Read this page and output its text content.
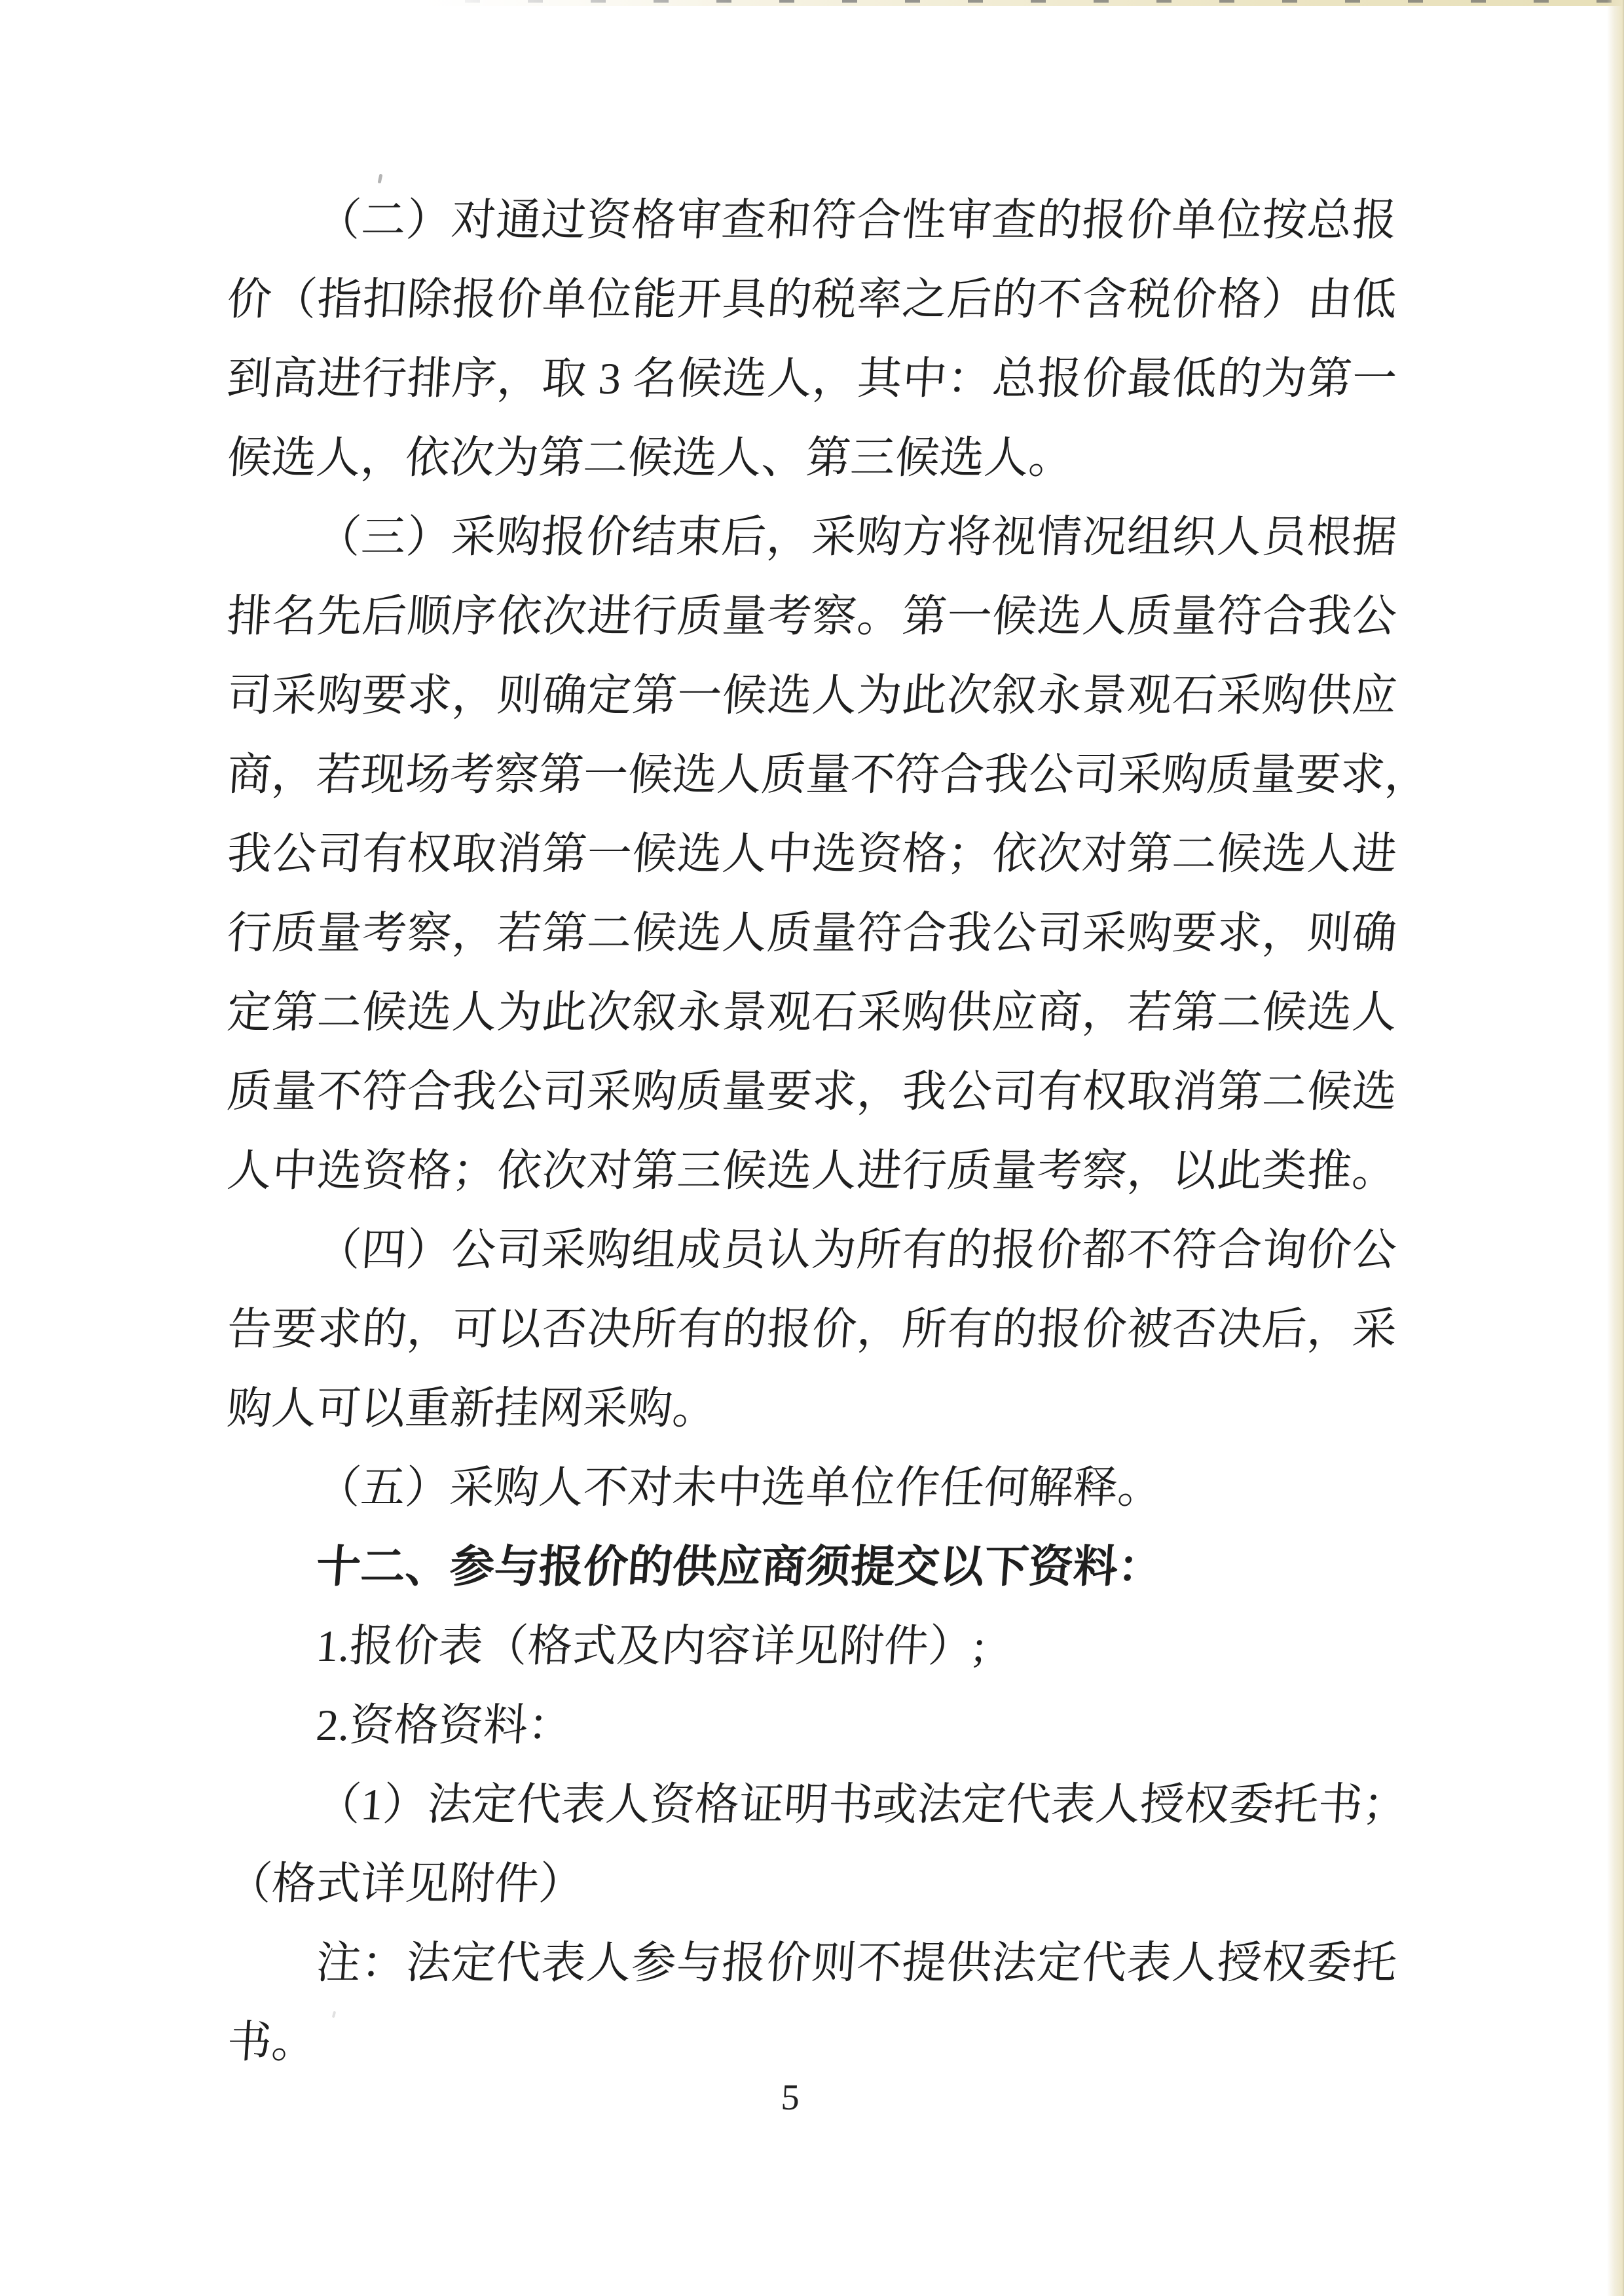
（二）对通过资格审查和符合性审查的报价单位按总报
价（指扣除报价单位能开具的税率之后的不含税价格）由低
到高进行排序，取 3 名候选人，其中：总报价最低的为第一
候选人，依次为第二候选人、第三候选人。
（三）采购报价结束后，采购方将视情况组织人员根据
排名先后顺序依次进行质量考察。第一候选人质量符合我公
司采购要求，则确定第一候选人为此次叙永景观石采购供应
商，若现场考察第一候选人质量不符合我公司采购质量要求，
我公司有权取消第一候选人中选资格；依次对第二候选人进
行质量考察，若第二候选人质量符合我公司采购要求，则确
定第二候选人为此次叙永景观石采购供应商，若第二候选人
质量不符合我公司采购质量要求，我公司有权取消第二候选
人中选资格；依次对第三候选人进行质量考察，以此类推。
（四）公司采购组成员认为所有的报价都不符合询价公
告要求的，可以否决所有的报价，所有的报价被否决后，采
购人可以重新挂网采购。
（五）采购人不对未中选单位作任何解释。
十二、参与报价的供应商须提交以下资料：
1.报价表（格式及内容详见附件）;
2.资格资料：
（1）法定代表人资格证明书或法定代表人授权委托书；
（格式详见附件）
注：法定代表人参与报价则不提供法定代表人授权委托
书。
5
